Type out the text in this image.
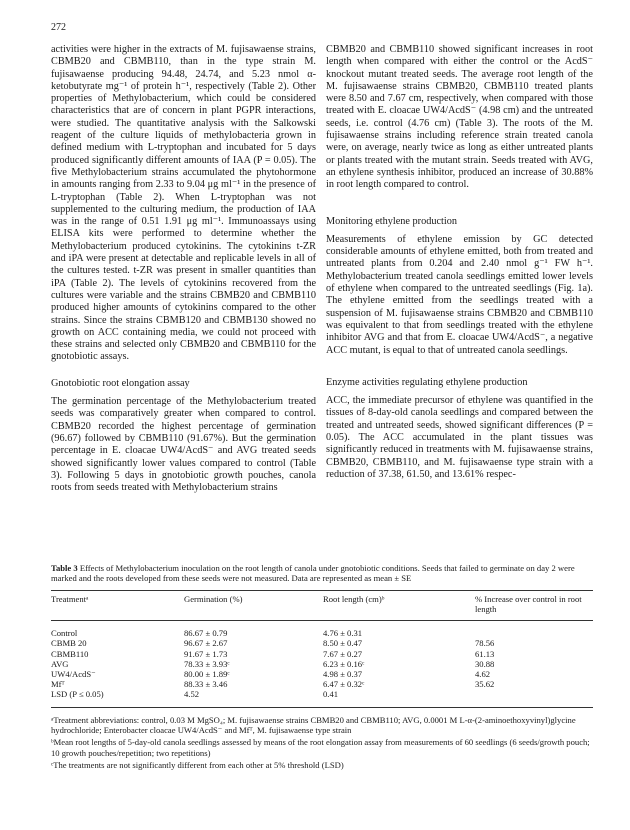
272

activities were higher in the extracts of M. fujisawaense strains, CBMB20 and CBMB110, than in the type strain M. fujisawaense producing 94.48, 24.74, and 5.23 nmol α-ketobutyrate mg⁻¹ of protein h⁻¹, respectively (Table 2). Other properties of Methylobacterium, which could be considered characteristics that are of concern in plant PGPR interactions, were studied. The quantitative analysis with the Salkowski reagent of the culture liquids of methylobacteria grown in defined medium with L-tryptophan and incubated for 5 days produced significantly different amounts of IAA (P = 0.05). The five Methylobacterium strains accumulated the phytohormone in amounts ranging from 2.33 to 9.04 μg ml⁻¹ in the presence of L-tryptophan (Table 2). When L-tryptophan was not supplemented to the culturing medium, the production of IAA was in the range of 0.51 1.91 μg ml⁻¹. Immunoassays using ELISA kits were performed to determine whether the Methylobacterium produced cytokinins. The cytokinins t-ZR and iPA were present at detectable and replicable levels in all of the cultures tested. t-ZR was present in smaller quantities than iPA (Table 2). The levels of cytokinins recovered from the cultures were variable and the strains CBMB20 and CBMB110 produced higher amounts of cytokinins compared to the other strains. Since the strains CBMB120 and CBMB130 showed no growth on ACC containing media, we could not proceed with these strains and selected only CBMB20 and CBMB110 for the gnotobiotic assays.

Gnotobiotic root elongation assay

The germination percentage of the Methylobacterium treated seeds was comparatively greater when compared to control. CBMB20 recorded the highest percentage of germination (96.67) followed by CBMB110 (91.67%). But the germination percentage in E. cloacae UW4/AcdS⁻ and AVG treated seeds showed significantly lower values compared to control (Table 3). Following 5 days in gnotobiotic growth pouches, canola roots from seeds treated with Methylobacterium strains

CBMB20 and CBMB110 showed significant increases in root length when compared with either the control or the AcdS⁻ knockout mutant treated seeds. The average root length of the M. fujisawaense strains CBMB20, CBMB110 treated plants were 8.50 and 7.67 cm, respectively, when compared with those treated with E. cloacae UW4/AcdS⁻ (4.98 cm) and the untreated seeds, i.e. control (4.76 cm) (Table 3). The roots of the M. fujisawaense strains including reference strain treated canola were, on average, nearly twice as long as either untreated plants or plants treated with the mutant strain. Seeds treated with AVG, an ethylene synthesis inhibitor, produced an increase of 30.88% in root length compared to control.

Monitoring ethylene production

Measurements of ethylene emission by GC detected considerable amounts of ethylene emitted, both from treated and untreated plants from 0.204 and 2.40 nmol g⁻¹ FW h⁻¹. Methylobacterium treated canola seedlings emitted lower levels of ethylene when compared to the untreated seedlings (Fig. 1a). The ethylene emitted from the seedlings treated with a suspension of M. fujisawaense strains CBMB20 and CBMB110 was equivalent to that from seedlings treated with the ethylene inhibitor AVG and that from E. cloacae UW4/AcdS⁻, a negative ACC mutant, is equal to that of untreated canola seedlings.

Enzyme activities regulating ethylene production

ACC, the immediate precursor of ethylene was quantified in the tissues of 8-day-old canola seedlings and compared between the treated and untreated seeds, showed significant differences (P = 0.05). The ACC accumulated in the plant tissues was significantly reduced in treatments with M. fujisawaense strains, CBMB20, CBMB110, and M. fujisawaense type strain with a reduction of 37.38, 61.50, and 13.61% respec-

Table 3 Effects of Methylobacterium inoculation on the root length of canola under gnotobiotic conditions. Seeds that failed to germinate on day 2 were marked and the roots developed from these seeds were not measured. Data are represented as mean ± SE

Treatmentᵃ	Germination (%)	Root length (cm)ᵇ	% Increase over control in root length
Control	86.67 ± 0.79	4.76 ± 0.31	
CBMB 20	96.67 ± 2.67	8.50 ± 0.47	78.56
CBMB110	91.67 ± 1.73	7.67 ± 0.27	61.13
AVG	78.33 ± 3.93ᶜ	6.23 ± 0.16ᶜ	30.88
UW4/AcdS⁻	80.00 ± 1.89ᶜ	4.98 ± 0.37	4.62
Mfᵀ	88.33 ± 3.46	6.47 ± 0.32ᶜ	35.62
LSD (P ≤ 0.05)	4.52	0.41	

ᵃTreatment abbreviations: control, 0.03 M MgSO₄; M. fujisawaense strains CBMB20 and CBMB110; AVG, 0.0001 M L-α-(2-aminoethoxyvinyl)glycine hydrochloride; Enterobacter cloacae UW4/AcdS⁻ and Mfᵀ, M. fujisawaense type strain

ᵇMean root lengths of 5-day-old canola seedlings assessed by means of the root elongation assay from measurements of 60 seedlings (6 seeds/growth pouch; 10 growth pouches/repetition; two repetitions)

ᶜThe treatments are not significantly different from each other at 5% threshold (LSD)
